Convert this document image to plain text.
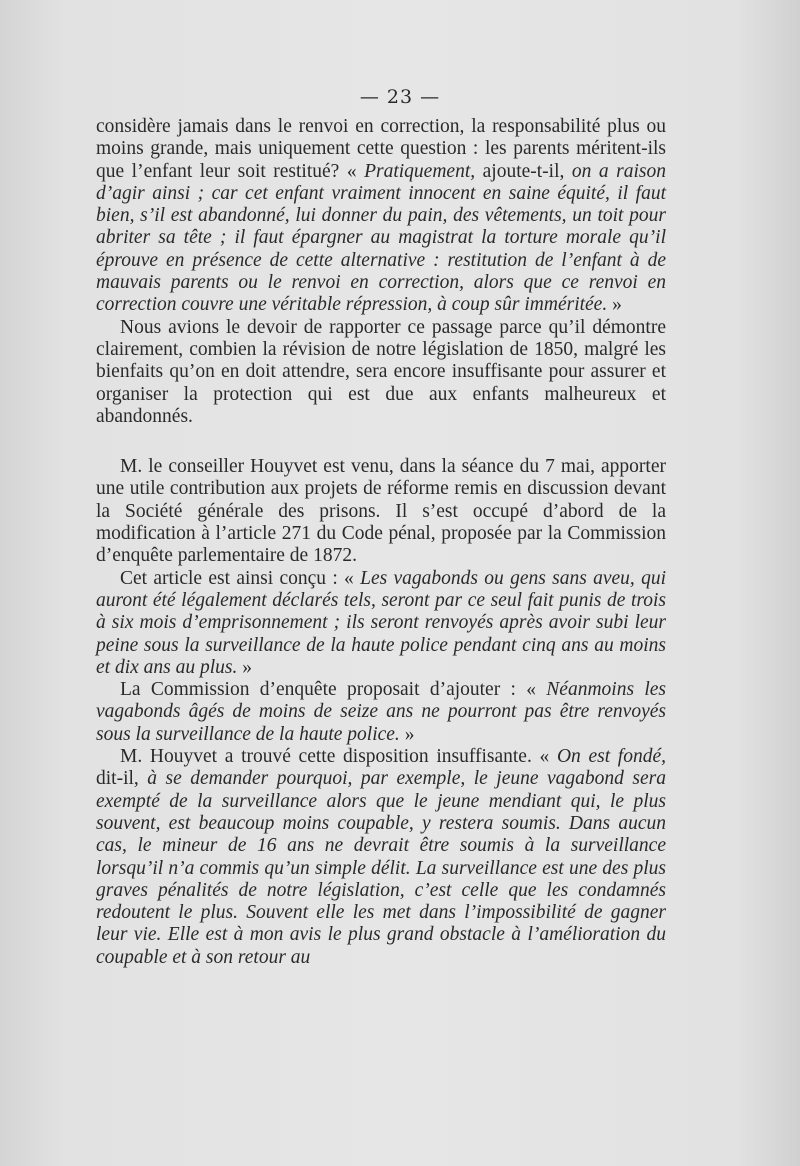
— 23 —

considère jamais dans le renvoi en correction, la responsabilité plus ou moins grande, mais uniquement cette question : les parents méritent-ils que l’enfant leur soit restitué? « Pratiquement, ajoute-t-il, on a raison d’agir ainsi ; car cet enfant vraiment innocent en saine équité, il faut bien, s’il est abandonné, lui donner du pain, des vêtements, un toit pour abriter sa tête ; il faut épargner au magistrat la torture morale qu’il éprouve en présence de cette alternative : restitution de l’enfant à de mauvais parents ou le renvoi en correction, alors que ce renvoi en correction couvre une véritable répression, à coup sûr imméritée. »

Nous avions le devoir de rapporter ce passage parce qu’il démontre clairement, combien la révision de notre législation de 1850, malgré les bienfaits qu’on en doit attendre, sera encore insuffisante pour assurer et organiser la protection qui est due aux enfants malheureux et abandonnés.

M. le conseiller Houyvet est venu, dans la séance du 7 mai, apporter une utile contribution aux projets de réforme remis en discussion devant la Société générale des prisons. Il s’est occupé d’abord de la modification à l’article 271 du Code pénal, proposée par la Commission d’enquête parlementaire de 1872.

Cet article est ainsi conçu : « Les vagabonds ou gens sans aveu, qui auront été légalement déclarés tels, seront par ce seul fait punis de trois à six mois d’emprisonnement ; ils seront renvoyés après avoir subi leur peine sous la surveillance de la haute police pendant cinq ans au moins et dix ans au plus. »

La Commission d’enquête proposait d’ajouter : « Néanmoins les vagabonds âgés de moins de seize ans ne pourront pas être renvoyés sous la surveillance de la haute police. »

M. Houyvet a trouvé cette disposition insuffisante. « On est fondé, dit-il, à se demander pourquoi, par exemple, le jeune vagabond sera exempté de la surveillance alors que le jeune mendiant qui, le plus souvent, est beaucoup moins coupable, y restera soumis. Dans aucun cas, le mineur de 16 ans ne devrait être soumis à la surveillance lorsqu’il n’a commis qu’un simple délit. La surveillance est une des plus graves pénalités de notre législation, c’est celle que les condamnés redoutent le plus. Souvent elle les met dans l’impossibilité de gagner leur vie. Elle est à mon avis le plus grand obstacle à l’amélioration du coupable et à son retour au
